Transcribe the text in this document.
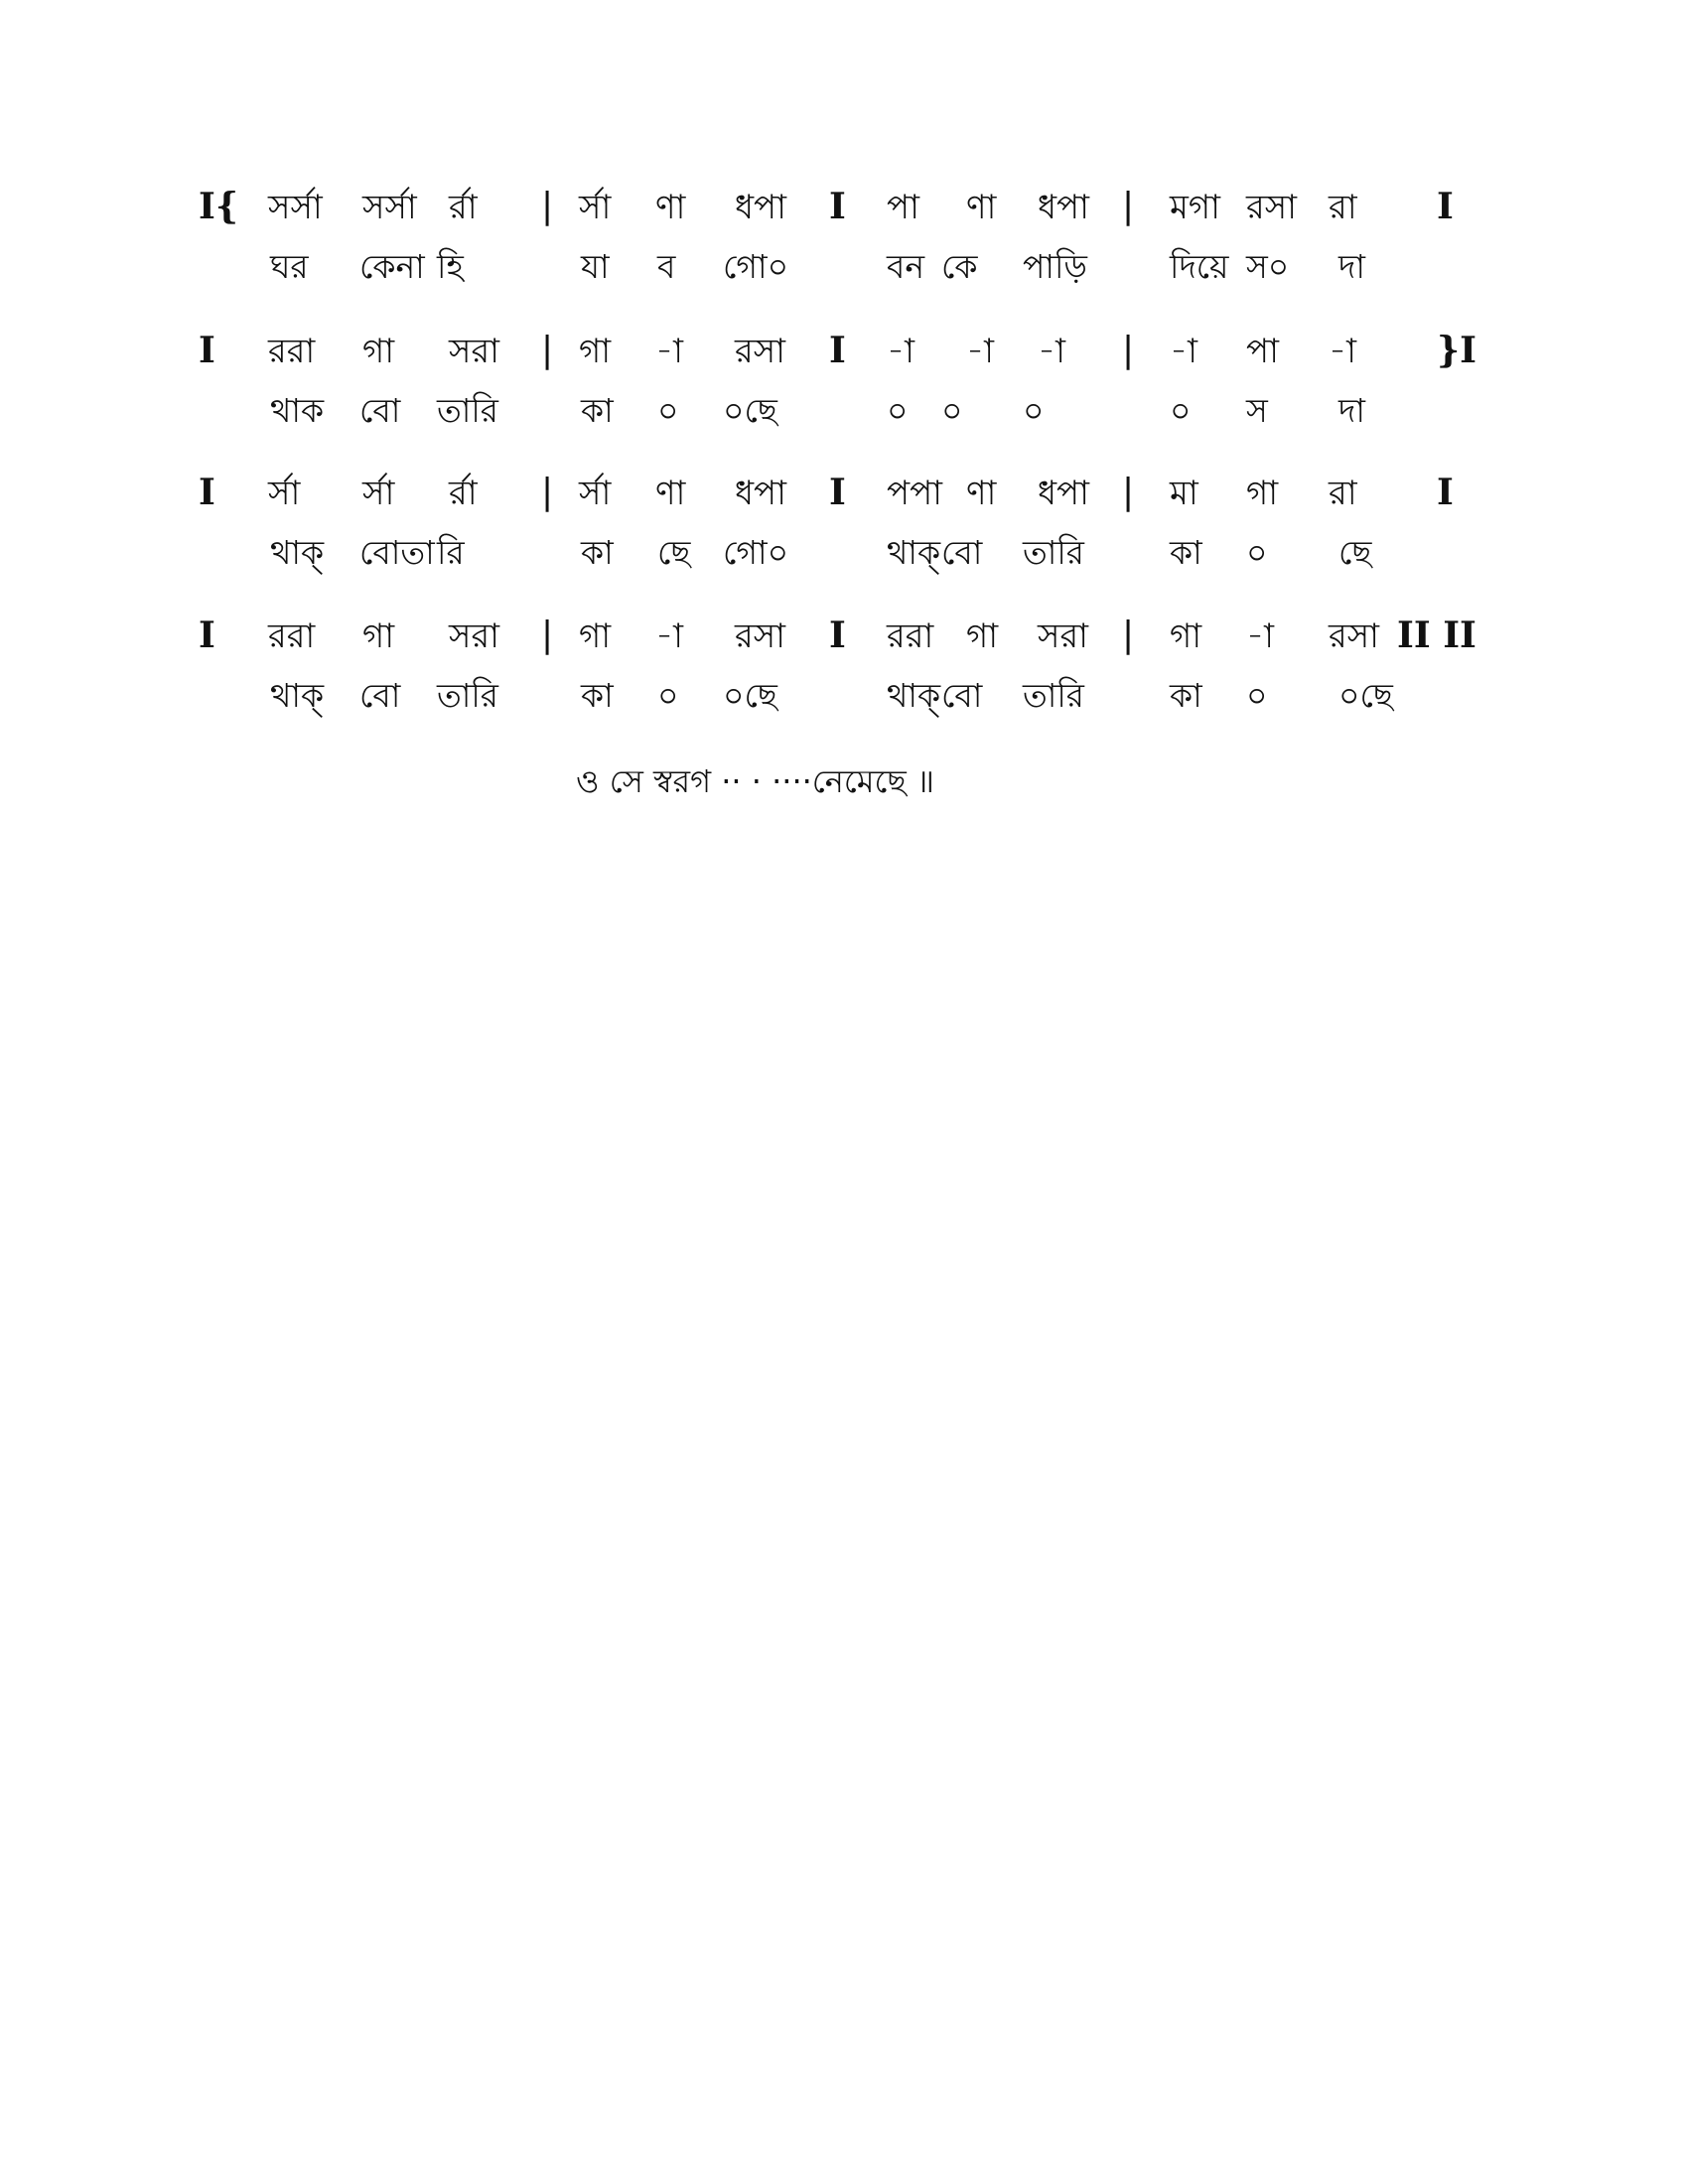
I{ সর্সা সর্সা র্রা | র্সা ণা ধপা I পা ণা ধপা | মগা রসা রা I
ঘর কেনা হি	যা ব গো০	বন কে পাড়ি	দিয়ে স০ দা
I ররা গা সরা | গা -া রসা I -া -া -া | -া পা -া }I
থাক বো তারি	কা ০ ০ছে	০ ০ ০	০ স দা
I র্সা র্সা র্রা | র্সা ণা ধপা I পপা ণা ধপা | মা গা রা I
থাক্ বোতা রি	কা ছে গো০	থাক্ বো তারি	কা ০ ছে
I ররা গা সরা | গা -া রসা I ররা গা সরা | গা -া রসা II II
থাক্ বো তারি	কা ০ ০ছে	থাক্ বো তারি	কা ০ ০ছে
ও সে স্বরগ ·· · ····নেমেছে ॥
